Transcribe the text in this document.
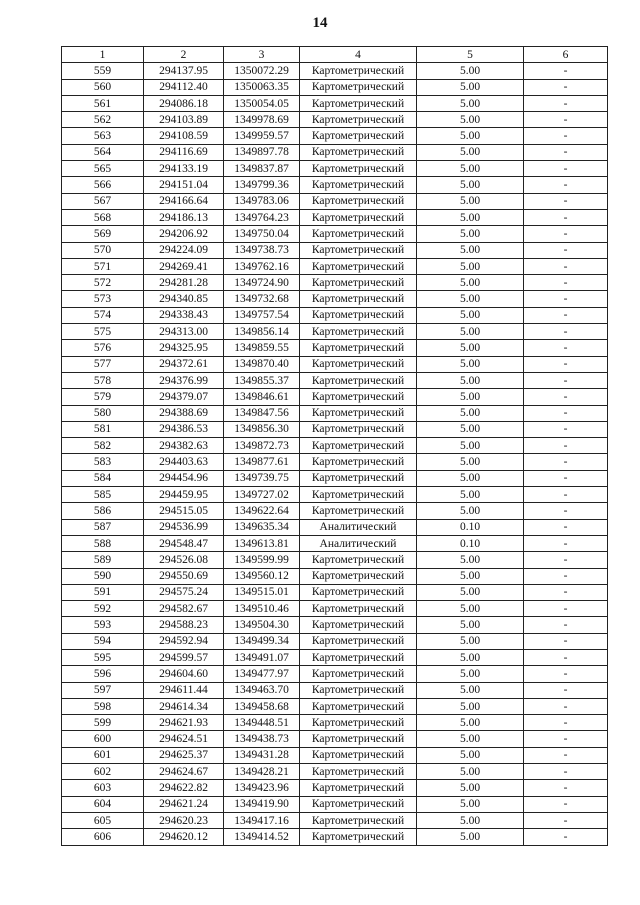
14
1	2	3	4	5	6
559	294137.95	1350072.29	Картометрический	5.00	-
560	294112.40	1350063.35	Картометрический	5.00	-
561	294086.18	1350054.05	Картометрический	5.00	-
562	294103.89	1349978.69	Картометрический	5.00	-
563	294108.59	1349959.57	Картометрический	5.00	-
564	294116.69	1349897.78	Картометрический	5.00	-
565	294133.19	1349837.87	Картометрический	5.00	-
566	294151.04	1349799.36	Картометрический	5.00	-
567	294166.64	1349783.06	Картометрический	5.00	-
568	294186.13	1349764.23	Картометрический	5.00	-
569	294206.92	1349750.04	Картометрический	5.00	-
570	294224.09	1349738.73	Картометрический	5.00	-
571	294269.41	1349762.16	Картометрический	5.00	-
572	294281.28	1349724.90	Картометрический	5.00	-
573	294340.85	1349732.68	Картометрический	5.00	-
574	294338.43	1349757.54	Картометрический	5.00	-
575	294313.00	1349856.14	Картометрический	5.00	-
576	294325.95	1349859.55	Картометрический	5.00	-
577	294372.61	1349870.40	Картометрический	5.00	-
578	294376.99	1349855.37	Картометрический	5.00	-
579	294379.07	1349846.61	Картометрический	5.00	-
580	294388.69	1349847.56	Картометрический	5.00	-
581	294386.53	1349856.30	Картометрический	5.00	-
582	294382.63	1349872.73	Картометрический	5.00	-
583	294403.63	1349877.61	Картометрический	5.00	-
584	294454.96	1349739.75	Картометрический	5.00	-
585	294459.95	1349727.02	Картометрический	5.00	-
586	294515.05	1349622.64	Картометрический	5.00	-
587	294536.99	1349635.34	Аналитический	0.10	-
588	294548.47	1349613.81	Аналитический	0.10	-
589	294526.08	1349599.99	Картометрический	5.00	-
590	294550.69	1349560.12	Картометрический	5.00	-
591	294575.24	1349515.01	Картометрический	5.00	-
592	294582.67	1349510.46	Картометрический	5.00	-
593	294588.23	1349504.30	Картометрический	5.00	-
594	294592.94	1349499.34	Картометрический	5.00	-
595	294599.57	1349491.07	Картометрический	5.00	-
596	294604.60	1349477.97	Картометрический	5.00	-
597	294611.44	1349463.70	Картометрический	5.00	-
598	294614.34	1349458.68	Картометрический	5.00	-
599	294621.93	1349448.51	Картометрический	5.00	-
600	294624.51	1349438.73	Картометрический	5.00	-
601	294625.37	1349431.28	Картометрический	5.00	-
602	294624.67	1349428.21	Картометрический	5.00	-
603	294622.82	1349423.96	Картометрический	5.00	-
604	294621.24	1349419.90	Картометрический	5.00	-
605	294620.23	1349417.16	Картометрический	5.00	-
606	294620.12	1349414.52	Картометрический	5.00	-
